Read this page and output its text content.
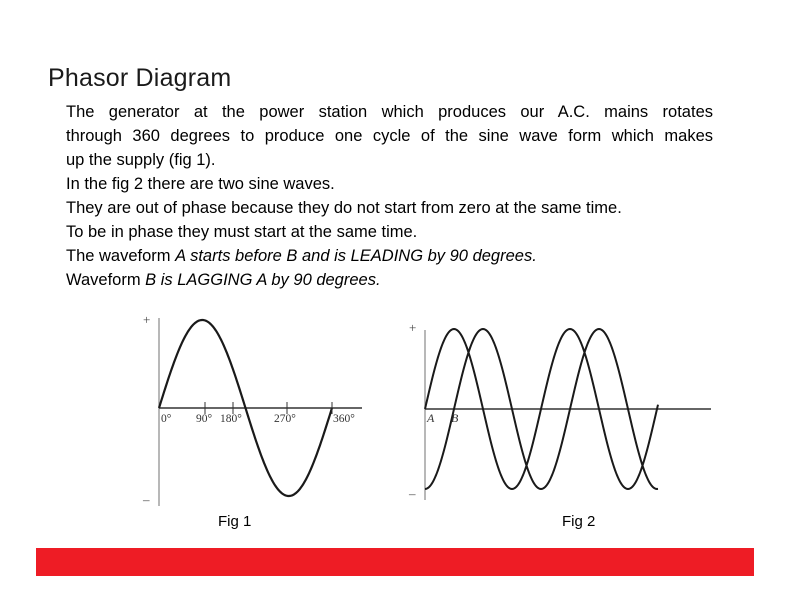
Phasor Diagram

The generator at the power station which produces our A.C. mains rotates

through 360 degrees to produce one cycle of the sine wave form which makes

up the supply (fig 1).

In the fig 2 there are two sine waves.

They are out of phase because they do not start from zero at the same time.

To be in phase they must start at the same time.

The waveform A starts before B and is LEADING by 90 degrees.

Waveform B is LAGGING A by 90 degrees.

+
–
0° 90° 180°	270°	360°
+
–
A B
Fig 1	Fig 2
